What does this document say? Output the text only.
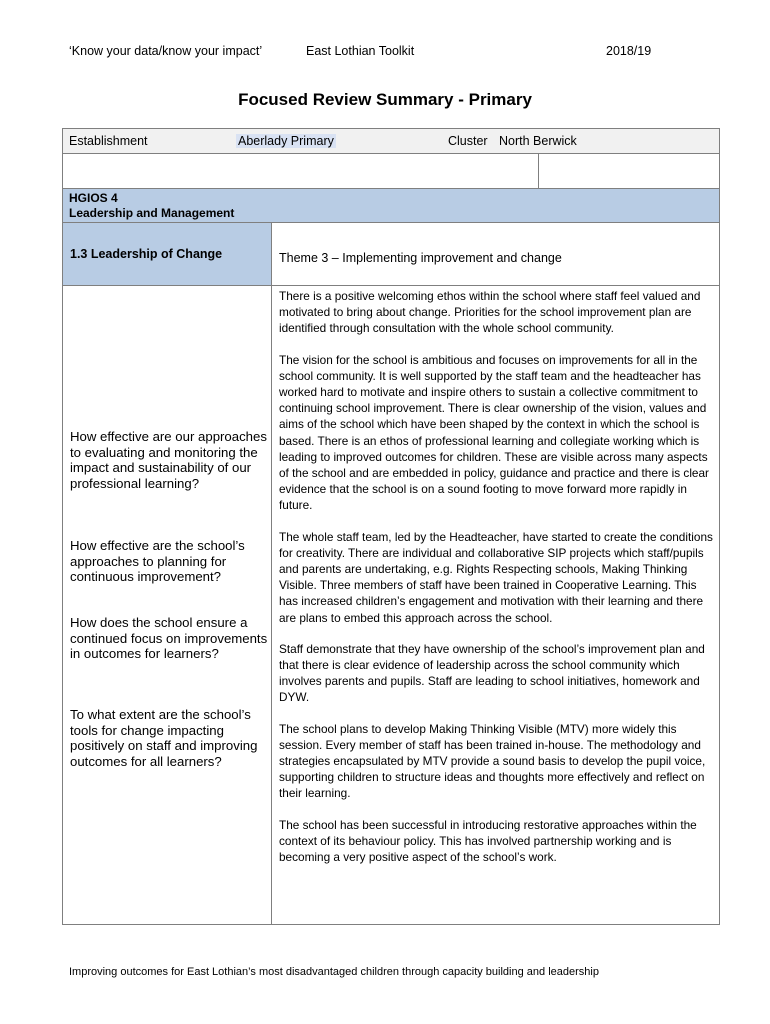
‘Know your data/know your impact’	East Lothian Toolkit	2018/19
Focused Review Summary - Primary
Establishment	Aberlady Primary	Cluster North Berwick
HGIOS 4
Leadership and Management
1.3 Leadership of Change	Theme 3 – Implementing improvement and change
How effective are our approaches to evaluating and monitoring the impact and sustainability of our professional learning?
How effective are the school’s approaches to planning for continuous improvement?
How does the school ensure a continued focus on improvements in outcomes for learners?
To what extent are the school’s tools for change impacting positively on staff and improving outcomes for all learners?

There is a positive welcoming ethos within the school where staff feel valued and motivated to bring about change. Priorities for the school improvement plan are identified through consultation with the whole school community.

The vision for the school is ambitious and focuses on improvements for all in the school community. It is well supported by the staff team and the headteacher has worked hard to motivate and inspire others to sustain a collective commitment to continuing school improvement. There is clear ownership of the vision, values and aims of the school which have been shaped by the context in which the school is based. There is an ethos of professional learning and collegiate working which is leading to improved outcomes for children. These are visible across many aspects of the school and are embedded in policy, guidance and practice and there is clear evidence that the school is on a sound footing to move forward more rapidly in future.

The whole staff team, led by the Headteacher, have started to create the conditions for creativity. There are individual and collaborative SIP projects which staff/pupils and parents are undertaking, e.g. Rights Respecting schools, Making Thinking Visible. Three members of staff have been trained in Cooperative Learning. This has increased children’s engagement and motivation with their learning and there are plans to embed this approach across the school.

Staff demonstrate that they have ownership of the school’s improvement plan and that there is clear evidence of leadership across the school community which involves parents and pupils. Staff are leading to school initiatives, homework and DYW.

The school plans to develop Making Thinking Visible (MTV) more widely this session. Every member of staff has been trained in-house. The methodology and strategies encapsulated by MTV provide a sound basis to develop the pupil voice, supporting children to structure ideas and thoughts more effectively and reflect on their learning.

The school has been successful in introducing restorative approaches within the context of its behaviour policy. This has involved partnership working and is becoming a very positive aspect of the school’s work.

Improving outcomes for East Lothian’s most disadvantaged children through capacity building and leadership
